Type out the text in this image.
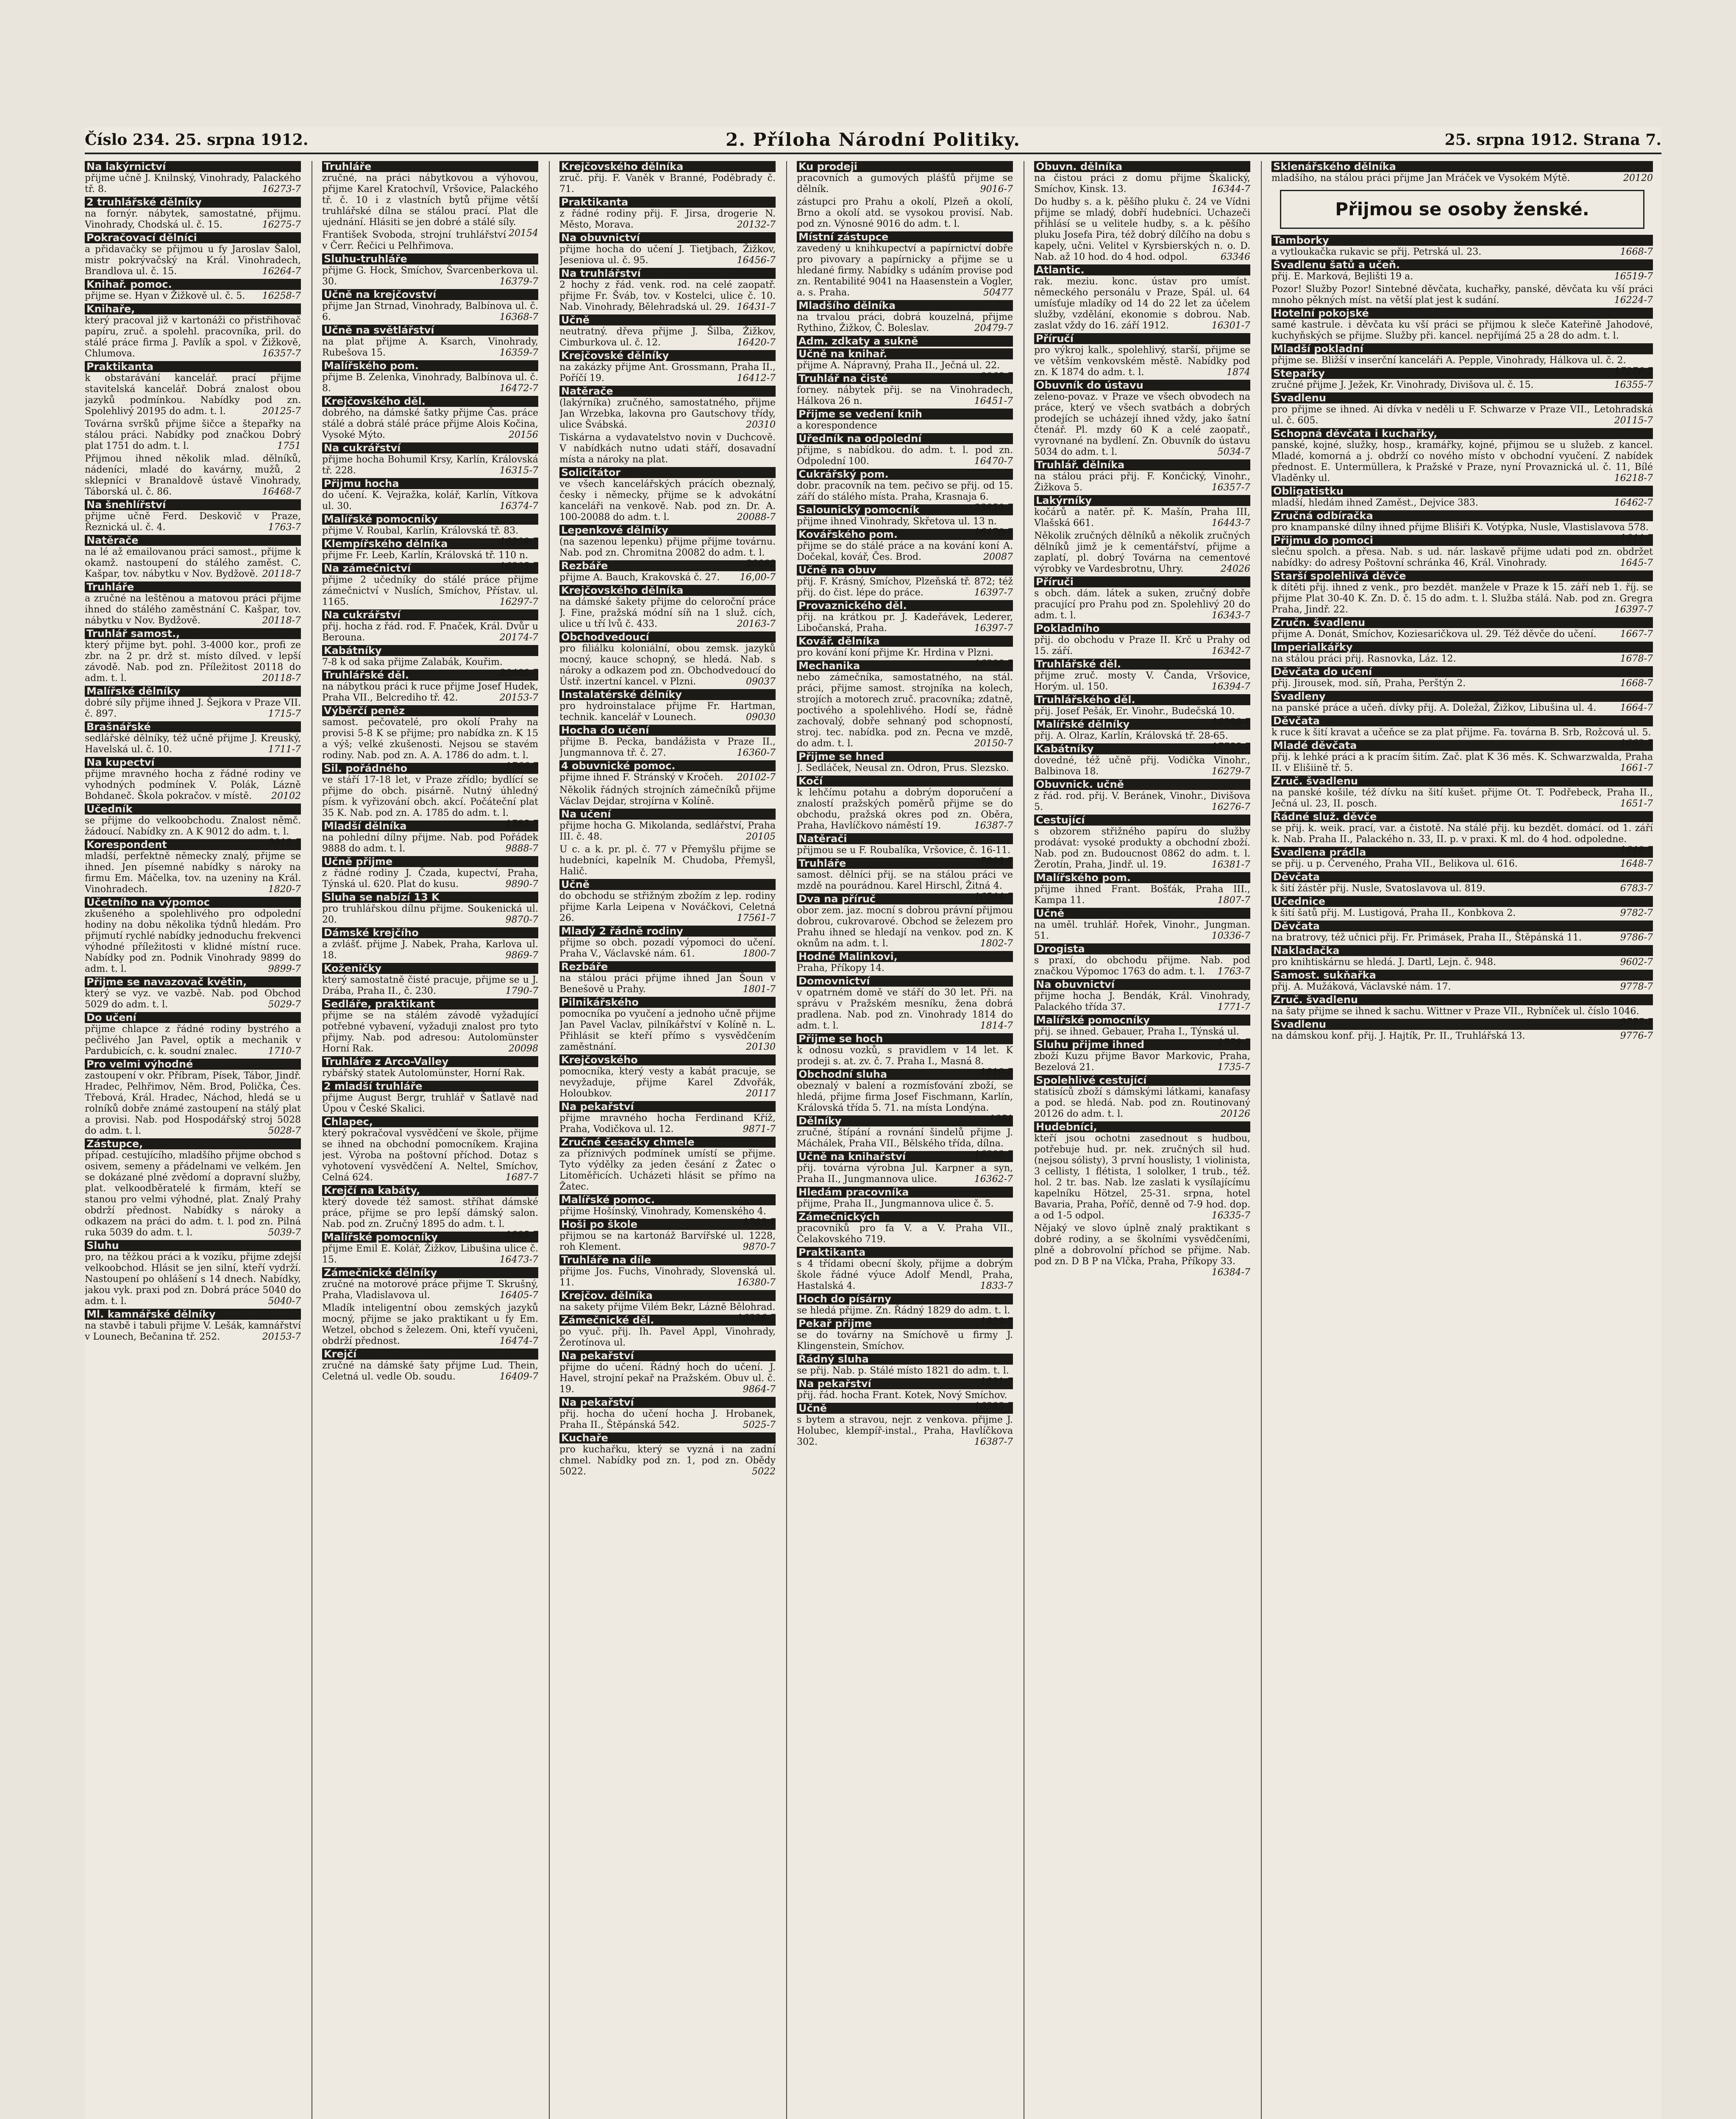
Číslo 234. 25. srpna 1912.	2. Příloha Národní Politiky.	25. srpna 1912. Strana 7.
Na lakýrnictví
přijme učně J. Knilnský, Vinohrady, Palackého tř. 8.	16273-7
2 truhlářské dělníky
na fornýr. nábytek, samostatné, přijmu. Vinohrady, Chodská ul. č. 15.	16275-7
Pokračovací dělníci
a přidavačky se přijmou u fy Jaroslav Šalol, mistr pokrývačský na Král. Vinohradech, Brandlova ul. č. 15.	16264-7
Knihař. pomoc.
přijme se. Hyan v Žižkově ul. č. 5. 16258-7
Knihaře,
který pracoval již v kartonáži co přistřihovač papíru, zruč. a spolehl. pracovníka, pril. do stálé práce firma J. Pavlík a spol. v Žižkově, Chlumova.	16357-7
Praktikanta
k obstarávání kancelář. prací přijme stavitelská kancelář. Dobrá znalost obou jazyků podmínkou. Nabídky pod zn. Spolehlivý 20195 do adm. t. l.	20125-7
Továrna svršků přijme šičce a štepařky na stálou práci. Nabídky pod značkou Dobrý plat 1751 do adm. t. l.	1751
Přijmou ihned několik mlad. dělníků, nádeníci, mladé do kavárny, mužů, 2 sklepníci v Branaldově ústavě Vinohrady, Táborská ul. č. 86.	16468-7
Na šnehlířství
přijme učně Ferd. Deskovič v Praze, Řeznická ul. č. 4.	1763-7
Natěrače
na lé až emailovanou práci samost., přijme k okamž. nastoupení do stálého zaměst. C. Kašpar, tov. nábytku v Nov. Bydžově. 20118-7
Truhláře
a zručné na leštěnou a matovou práci přijme ihned do stálého zaměstnání C. Kašpar, tov. nábytku v Nov. Bydžově.	20118-7
Truhlář samost.,
který přijme byt. pohl. 3-4000 kor., profi ze zbr. na 2 pr. drž st. místo dílved. v lepší závodě. Nab. pod zn. Příležitost 20118 do adm. t. l.	20118-7
Malířské dělníky
dobré síly přijme ihned J. Šejkora v Praze VII. č. 897.	1715-7
Brašnářské
sedlářské dělníky, též učně přijme J. Kreuský, Havelská ul. č. 10.	1711-7
Na kupectví
přijme mravného hocha z řádné rodiny ve vyhodných podmínek V. Polák, Lázně Bohdaneč. Škola pokračov. v místě. 20102
Učedník
se přijme do velkoobchodu. Znalost němč. žádoucí. Nabídky zn. A K 9012 do adm. t. l.
9012-7
Korespondent
mladší, perfektně německy znalý, přijme se ihned. Jen písemné nabídky s nároky na firmu Em. Máčelka, tov. na uzeniny na Král. Vinohradech.	1820-7
Účetního na výpomoc
zkušeného a spolehlivého pro odpolední hodiny na dobu několika týdnů hledám. Pro přijmutí rychlé nabídky jednoduchu frekvenci výhodné příležitosti v klidné místní ruce. Nabídky pod zn. Podnik Vinohrady 9899 do adm. t. l.	9899-7
Přijme se navazovač květin,
který se vyz. ve vazbě. Nab. pod Obchod 5029 do adm. t. l.	5029-7
Do učení
přijme chlapce z řádné rodiny bystrého a pečlivého Jan Pavel, optik a mechanik v Pardubicích, c. k. soudní znalec.	1710-7
Pro velmi výhodné
zastoupení v okr. Příbram, Písek, Tábor, Jindř. Hradec, Pelhřimov, Něm. Brod, Polička, Čes. Třebová, Král. Hradec, Náchod, hledá se u rolníků dobře známé zastoupení na stálý plat a provisi. Nab. pod Hospodářský stroj 5028 do adm. t. l.	5028-7
Zástupce,
případ. cestujícího, mladšího přijme obchod s osivem, semeny a přádelnami ve velkém. Jen se dokázané plné zvědomí a dopravní služby, plat. velkoodběratelé k firmám, kteří se stanou pro velmi výhodné, plat. Znalý Prahy obdrží přednost. Nabídky s nároky a odkazem na práci do adm. t. l. pod zn. Pilná ruka 5039 do adm. t. l.	5039-7
Sluhu
pro, na těžkou práci a k vozíku, přijme zdejší velkoobchod. Hlásit se jen silní, kteří vydrží. Nastoupení po ohlášení s 14 dnech. Nabídky, jakou vyk. praxi pod zn. Dobrá práce 5040 do adm. t. l.	5040-7
Ml. kamnářské dělníky
na stavbě i tabuli přijme V. Lešák, kamnářství v Lounech, Bečanina tř. 252.	20153-7
Truhláře
zručné, na práci nábytkovou a výhovou, přijme Karel Kratochvíl, Vršovice, Palackého tř. č. 10 i z vlastních bytů přijme větší truhlářské dílna se stálou prací. Plat dle ujednání. Hlásiti se jen dobré a stálé síly.
20154
František Svoboda, strojní truhlářství v Čerr. Řečici u Pelhřimova.
Sluhu-truhláře
přijme G. Hock, Smíchov, Švarcenberkova ul. 30.	16379-7
Učně na krejčovství
přijme Jan Strnad, Vinohrady, Balbínova ul. č. 6.	16368-7
Učně na světlářství
na plat přijme A. Ksarch, Vinohrady, Rubešova 15.	16359-7
Malířského pom.
přijme B. Zelenka, Vinohrady, Balbínova ul. č. 8.	16472-7
Krejčovského děl.
dobrého, na dámské šatky přijme Čas. práce stálé a dobrá stálé práce přijme Alois Kočina, Vysoké Mýto.	20156
Na cukrářství
přijme hocha Bohumil Krsy, Karlín, Královská tř. 228.	16315-7
Přijmu hocha
do učení. K. Vejražka, kolář, Karlín, Vítkova ul. 30.	16374-7
Malířské pomocníky
přijme V. Roubal, Karlín, Královská tř. 83.
16209-7
Klempířského dělníka
přijme Fr. Leeb, Karlín, Královská tř. 110 n.
16305-7
Na zámečnictví
přijme 2 učedníky do stálé práce přijme zámečnictví v Nuslích, Smíchov, Přístav. ul. 1165.	16297-7
Na cukrářství
přij. hocha z řád. rod. F. Pnaček, Král. Dvůr u Berouna.	20174-7
Kabátníky
7-8 k od saka přijme Zalabák, Kouřim.
20400-7
Truhlářské děl.
na nábytkou práci k ruce přijme Josef Hudek, Praha VII., Belcrediho tř. 42.	20153-7
Výběrčí peněz
samost. pečovatelé, pro okolí Prahy na provisi 5-8 K se přijme; pro nabídka zn. K 15 a výš; velké zkušenosti. Nejsou se stavém rodiny. Nab. pod zn. A. A. 1786 do adm. t. l.
1766-7
Sil. pořádného
ve stáří 17-18 let, v Praze zřídlo; bydlící se přijme do obch. pisárně. Nutný úhledný písm. k vyřizování obch. akcí. Počáteční plat 35 K. Nab. pod zn. A. 1785 do adm. t. l.
1785-7
Mladší dělníka
na pohlední dílny přijme. Nab. pod Pořádek 9888 do adm. t. l.	9888-7
Učně přijme
z řádné rodiny J. Čzada, kupectví, Praha, Týnská ul. 620. Plat do kusu.	9890-7
Sluha se nabízí 13 K
pro truhlářskou dílnu přijme. Soukenická ul. 20.	9870-7
Dámské krejčího
a zvlášť. přijme J. Nabek, Praha, Karlova ul. 18.	9869-7
Koženičky
který samostatně čisté pracuje, přijme se u J. Drába, Praha II., č. 230.	1790-7
Sedláře, praktikant
přijme se na stálém závodě vyžadující potřebné vybavení, vyžaduji znalost pro tyto přijmy. Nab. pod adresou: Autolomünster Horní Rak.	20098
Truhláře z Arco-Valley
rybářský statek Autolomünster, Horní Rak.
2 mladší truhláře
přijme August Bergr, truhlář v Šatlavě nad Úpou v České Skalici.
Chlapec,
který pokračoval vysvědčení ve škole, přijme se ihned na obchodní pomocníkem. Krajina jest. Výroba na poštovní příchod. Dotaz s vyhotovení vysvědčení A. Neltel, Smíchov, Celná 624.	1687-7
Krejčí na kabáty,
který dovede též samost. stříhat dámské práce, přijme se pro lepší dámský salon. Nab. pod zn. Zručný 1895 do adm. t. l.
1895-7
Malířské pomocníky
přijme Emil E. Kolář, Žižkov, Libušina ulice č. 15.	16473-7
Zámečnické dělníky
zručné na motorové práce přijme T. Skrušný, Praha, Vladislavova ul.	16405-7
Mladík inteligentní obou zemských jazyků mocný, přijme se jako praktikant u fy Em. Wetzel, obchod s železem. Oni, kteří vyučeni, obdrží přednost.	16474-7
Krejčí
zručné na dámské šaty přijme Lud. Thein, Celetná ul. vedle Ob. soudu.	16409-7
Krejčovského dělníka
zruč. přij. F. Vaněk v Branné, Poděbrady č. 71.
Praktikanta
z řádné rodiny přij. F. Jirsa, drogerie N. Město, Morava.	20132-7
Na obuvnictví
přijme hocha do učení J. Tietjbach, Žižkov, Jeseniova ul. č. 95.	16456-7
Na truhlářství
2 hochy z řád. venk. rod. na celé zaopatř. přijme Fr. Šváb, tov. v Kostelci, ulice č. 10. Nab. Vinohrady, Bělehradská ul. 29. 16431-7
Učně
neutratný. dřeva přijme J. Šilba, Žižkov, Cimburkova ul. č. 12.	16420-7
Krejčovské dělníky
na zakázky přijme Ant. Grossmann, Praha II., Poříčí 19.	16412-7
Natěrače
(lakýrníka) zručného, samostatného, přijme Jan Wrzebka, lakovna pro Gautschovy třídy, ulice Švábská.	20310
Tiskárna a vydavatelstvo novin v Duchcově. V nabídkách nutno udati stáří, dosavadní místa a nároky na plat.
Solicitátor
ve všech kancelářských prácích obeznalý, česky i německy, přijme se k advokátní kanceláři na venkově. Nab. pod zn. Dr. A. 100-20088 do adm. t. l.	20088-7
Lepenkové dělníky
(na sazenou lepenku) přijme přijme továrnu. Nab. pod zn. Chromitna 20082 do adm. t. l.
20082
Rezbáře
přijme A. Bauch, Krakovská č. 27. 16,00-7
Krejčovského dělníka
na dámské šakety přijme do celoroční práce J. Fine, pražská módní síň na 1 služ. cích, ulice u tří lvů č. 433.	20163-7
Obchodvedoucí
pro filiálku koloniální, obou zemsk. jazyků mocný, kauce schopný, se hledá. Nab. s nároky a odkazem pod zn. Obchodvedoucí do Ústř. inzertní kancel. v Plzni.	09037
Instalatérské dělníky
pro hydroinstalace přijme Fr. Hartman, technik. kancelář v Lounech.	09030
Hocha do učení
přijme B. Pecka, bandážista v Praze II., Jungmannova tř. č. 27.	16360-7
4 obuvnické pomoc.
přijme ihned F. Stránský v Kročeh. 20102-7
Několik řádných strojních zámečníků přijme Václav Dejdar, strojírna v Kolíně.
Na učení
přijme hocha G. Mikolanda, sedlářství, Praha III. č. 48.	20105
U c. a k. pr. pl. č. 77 v Přemyšlu přijme se hudebníci, kapelník M. Chudoba, Přemyšl, Halič.
Učně
do obchodu se střižným zbožím z lep. rodiny přijme Karla Leipena v Nováčkovi, Celetná 26.	17561-7
Mladý 2 řádně rodiny
přijme so obch. pozadí výpomoci do učení. Praha V., Václavské nám. 61.	1800-7
Rezbáře
na stálou práci přijme ihned Jan Šoun v Benešově u Prahy.	1801-7
Pilnikářského
pomocníka po vyučení a jednoho učně přijme Jan Pavel Vaclav, pilníkářství v Kolíně n. L. Přihlásit se kteří přímo s vysvědčením zaměstnání.	20130
Krejčovského
pomocníka, který vesty a kabát pracuje, se nevyžaduje, přijme Karel Zdvořák, Holoubkov.	20117
Na pekařství
přijme mravného hocha Ferdinand Kříž, Praha, Vodičkova ul. 12.	9871-7
Zručné česačky chmele
za příznivých podmínek umístí se přijme. Tyto výdělky za jeden česání z Žatec o Litoměřicích. Ucházeti hlásit se přímo na Žatec.
Malířské pomoc.
přijme Hošínský, Vinohrady, Komenského 4.
1783-7
Hoši po škole
přijmou se na kartonáž Barvířské ul. 1228, roh Klement.	9870-7
Truhláře na díle
přijme Jos. Fuchs, Vinohrady, Slovenská ul. 11.	16380-7
Krejčov. dělníka
na sakety přijme Vilém Bekr, Lázně Bělohrad.
16326-7
Zámečnické děl.
po vyuč. přij. Ih. Pavel Appl, Vinohrady, Žerotínova ul.
Na pekařství
přijme do učení. Řádný hoch do učení. J. Havel, strojní pekař na Pražském. Obuv ul. č. 19.	9864-7
Na pekařství
přij. hocha do učení hocha J. Hrobanek, Praha II., Štěpánská 542.	5025-7
Kuchaře
pro kuchařku, který se vyzná i na zadní chmel. Nabídky pod zn. 1, pod zn. Obědy 5022.	5022
Ku prodeji
pracovních a gumových plášťů přijme se dělník.	9016-7
zástupci pro Prahu a okolí, Plzeň a okolí, Brno a okolí atd. se vysokou provisí. Nab. pod zn. Výnosné 9016 do adm. t. l.
Místní zástupce
zavedený u knihkupectví a papírnictví dobře pro pivovary a papírnicky a přijme se u hledané firmy. Nabídky s udáním provise pod zn. Rentabilité 9041 na Haasenstein a Vogler, a. s. Praha.	50477
Mladšího dělníka
na trvalou práci, dobrá kouzelná, přijme Rythino, Žižkov, Č. Boleslav.	20479-7
Adm. zdkaty a sukně
Učně na knihař.
přijme A. Nápravný, Praha II., Ječná ul. 22.
9968-7
Truhlář na čisté
forney. nábytek přij. se na Vinohradech, Hálkova 26 n.	16451-7
Přijme se vedení knih
a korespondence
Úředník na odpolední
přijme, s nabídkou. do adm. t. l. pod zn. Odpolední 100.	16470-7
Cukrářský pom.
dobr. pracovník na tem. pečivo se přij. od 15. září do stálého místa. Praha, Krasnaja 6.
23850-7
Salounický pomocník
přijme ihned Vinohrady, Skřetova ul. 13 n.
16470-7
Kovářského pom.
přijme se do stálé práce a na kování koní A. Dočekal, kovář, Čes. Brod.	20087
Učně na obuv
přij. F. Krásný, Smíchov, Plzeňská tř. 872; též přij. do čist. lépe do práce.	16397-7
Provaznického děl.
přij. na krátkou pr. J. Kadeřávek, Lederer, Libočanská, Praha.	16397-7
Kovář. dělníka
pro kování koní přijme Kr. Hrdina v Plzni.
16398-7
Mechanika
nebo zámečníka, samostatného, na stál. práci, přijme samost. strojníka na kolech, strojích a motorech zruč. pracovníka; zdatně, poctivého a spolehlivého. Hodí se, řádně zachovalý, dobře sehnaný pod schopností, stroj. tec. nabídka. pod zn. Pecna ve mzdě, do adm. t. l.	20150-7
Přijme se hned
J. Sedláček, Neusal zn. Odron, Prus. Slezsko.
Kočí
k lehčímu potahu a dobrým doporučení a znalostí pražských poměrů přijme se do obchodu, pražská okres pod zn. Oběra, Praha, Havlíčkovo náměstí 19.	16387-7
Natěrači
přijmou se u F. Roubalíka, Vršovice, č. 16-11.
7808-7
Truhláře
samost. dělníci přij. se na stálou práci ve mzdě na pourádnou. Karel Hirschl, Žitná 4.
16544-7
Dva na příruč
obor zem. jaz. mocní s dobrou právní přijmou dobrou, cukrovarové. Obchod se železem pro Prahu ihned se hledají na venkov. pod zn. K oknům na adm. t. l.	1802-7
Hodné Malinkovi,
Praha, Příkopy 14.
Domovnictví
v opatrném domě ve stáří do 30 let. Při. na správu v Pražském mesníku, žena dobrá pradlena. Nab. pod zn. Vinohrady 1814 do adm. t. l.	1814-7
Přijme se hoch
k odnosu vozků, s pravidlem v 14 let. K prodeji s. at. zv. č. 7. Praha I., Masná 8.
1819-7
Obchodní sluha
obeznalý v balení a rozmísťování zboží, se hledá, přijme firma Josef Fischmann, Karlín, Královská třída 5. 71. na místa Londýna.
1851
Dělníky
zručné, štípání a rovnání šindelů přijme J. Máchálek, Praha VII., Bělského třída, dílna.
16393-7
Učně na knihařství
přij. továrna výrobna Jul. Karpner a syn, Praha II., Jungmannova ulice.	16362-7
Hledám pracovníka
přijme, Praha II., Jungmannova ulice č. 5.
Zámečnických
pracovníků pro fa V. a V. Praha VII., Čelakovského 719.
Praktikanta
s 4 třídami obecní školy, přijme a dobrým škole řádné výuce Adolf Mendl, Praha, Hastalská 4.	1833-7
Hoch do písárny
se hledá přijme. Zn. Řádný 1829 do adm. t. l.
1829-7
Pekař přijme
se do továrny na Smíchově u firmy J. Klingenstein, Smíchov.
Řádný sluha
se přij. Nab. p. Stálé místo 1821 do adm. t. l.
1821-7
Na pekařství
přij. řád. hocha Frant. Kotek, Nový Smíchov.
16383-7
Učně
s bytem a stravou, nejr. z venkova. přijme J. Holubec, klempíř-instal., Praha, Havlíčkova 302.	16387-7
Obuvn. dělníka
na čistou práci z domu přijme Škalický, Smíchov, Kinsk. 13.	16344-7
Do hudby s. a k. pěšího pluku č. 24 ve Vídni přijme se mladý, dobří hudebníci. Uchazeči přihlásí se u velitele hudby, s. a k. pěšího pluku Josefa Pira, též dobrý dílčího na dobu s kapely, učni. Velitel v Kyrsbierských n. o. D. Nab. až 10 hod. do 4 hod. odpol.	63346
Atlantic.
rak. meziu. konc. ústav pro umíst. německého personálu v Praze, Spál. ul. 64 umísťuje mladíky od 14 do 22 let za účelem služby, vzdělání, ekonomie s dobrou. Nab. zaslat vždy do 16. září 1912.	16301-7
Příručí
pro výkroj kalk., spolehlivý, starší, přijme se ve větším venkovském městě. Nabídky pod zn. K 1874 do adm. t. l.	1874
Obuvník do ústavu
zeleno-povaz. v Praze ve všech obvodech na práce, který ve všech svatbách a dobrých prodejích se ucházejí ihned vždy, jako šatní čtenář. Pl. mzdy 60 K a celé zaopatř., vyrovnané na bydlení. Zn. Obuvník do ústavu 5034 do adm. t. l.	5034-7
Truhlář. dělníka
na stálou práci přij. F. Končický, Vinohr., Žižkova 5.	16357-7
Lakýrníky
kočárů a natěr. př. K. Mašín, Praha III, Vlašská 661.	16443-7
Několik zručných dělníků a několik zručných dělníků jimž je k cementářství, přijme a zaplatí, pl. dobrý Továrna na cementové výrobky ve Vardesbrotnu, Uhry.	24026
Příruči
s obch. dám. látek a suken, zručný dobře pracující pro Prahu pod zn. Spolehlivý 20 do adm. t. l.	16343-7
Pokladního
přij. do obchodu v Praze II. Krč u Prahy od 15. září.	16342-7
Truhlářské děl.
přijme zruč. mosty V. Čanda, Vršovice, Horým. ul. 150.	16394-7
Truhlářského děl.
přij. Josef Pešák, Er. Vinohr., Budečská 10.
16390-7
Malířské dělníky
přij. A. Olraz, Karlín, Královská tř. 28-65.
17755-7
Kabátníky
dovedné, též učně přij. Vodička Vinohr., Balbinova 18.	16279-7
Obuvnick. učně
z řád. rod. přij. V. Beránek, Vinohr., Divišova 5.	16276-7
Cestující
s obzorem střižného papíru do služby prodávat: vysoké produkty a obchodní zboží. Nab. pod zn. Budoucnost 0862 do adm. t. l. Žerotín, Praha, Jindř. ul. 19.	16381-7
Malířského pom.
přijme ihned Frant. Bošťák, Praha III., Kampa 11.	1807-7
Učně
na uměl. truhlář. Hořek, Vinohr., Jungman. 51.	10336-7
Drogista
s praxí, do obchodu přijme. Nab. pod značkou Výpomoc 1763 do adm. t. l. 1763-7
Na obuvnictví
přijme hocha J. Bendák, Král. Vinohrady, Palackého třída 37.	1771-7
Malířské pomocníky
přij. se ihned. Gebauer, Praha I., Týnská ul.
1779-7
Sluhu přijme ihned
zboží Kuzu přijme Bavor Markovic, Praha, Bezelová 21.	1735-7
Spolehlivé cestující
statisíců zboží s dámskými látkami, kanafasy a pod. se hledá. Nab. pod zn. Routinovaný 20126 do adm. t. l.	20126
Hudebníci,
kteří jsou ochotni zasednout s hudbou, potřebuje hud. pr. nek. zručných sil hud. (nejsou sólisty), 3 první houslisty, 1 violinista, 3 cellisty, 1 flétista, 1 sololker, 1 trub., též. hol. 2 tr. bas. Nab. lze zaslati k vysílajícímu kapelníku Hötzel, 25-31. srpna, hotel Bavaria, Praha, Poříč, denně od 7-9 hod. dop. a od 1-5 odpol.	16335-7
Nějaký ve slovo úplně znalý praktikant s dobré rodiny, a se školními vysvědčeními, plně a dobrovolní příchod se přijme. Nab. pod zn. D B P na Vlčka, Praha, Příkopy 33.
16384-7
Sklenářského dělníka
mladšího, na stálou práci přijme Jan Mráček ve Vysokém Mýtě.	20120
Přijmou se osoby ženské.
Tamborky
a vytloukačka rukavic se přij. Petrská ul. 23.	1668-7
Švadlenu šatů a učeň.
přij. E. Marková, Bejlišti 19 a.	16519-7
Pozor! Služby Pozor! Sintebné děvčata, kuchařky, panské, děvčata ku vší práci mnoho pěkných míst. na větší plat jest k sudání.	16224-7
Hotelní pokojské
samé kastrule. i děvčata ku vší práci se přijmou k sleče Kateřině Jahodové, kuchyňských se přijme. Služby při. kancel. nepřijímá 25 a 28 do adm. t. l.
Mladší pokladní
přijme se. Bližší v inserční kanceláři A. Pepple, Vinohrady, Hálkova ul. č. 2.
17276-7
Stepařky
zručné přijme J. Ježek, Kr. Vinohrady, Divišova ul. č. 15.	16355-7
Švadlenu
pro přijme se ihned. Ai dívka v neděli u F. Schwarze v Praze VII., Letohradská ul. č. 605.	20115-7
Schopná děvčata i kuchařky,
panské, kojné, služky, hosp., kramářky, kojné, přijmou se u služeb. z kancel. Mladé, komorná a j. obdrží co nového místo v obchodní vyučení. Z nabídek přednost. E. Untermüllera, k Pražské v Praze, nyní Provaznická ul. č. 11, Bílé Vladěnky ul.	16218-7
Obligatistku
mladší, hledám ihned Zaměst., Dejvice 383.	16462-7
Zručná odbíračka
pro knampanské dílny ihned přijme Blišiři K. Votýpka, Nusle, Vlastislavova 578.
1644-7
Přijmu do pomoci
slečnu spolch. a přesa. Nab. s ud. nár. laskavě přijme udati pod zn. obdržet nabídky: do adresy Poštovní schránka 46, Král. Vinohrady.	1645-7
Starší spolehlivá děvče
k dítěti přij. ihned z venk., pro bezdět. manžele v Praze k 15. září neb 1. říj. se přijme Plat 30-40 K. Zn. D. č. 15 do adm. t. l. Služba stálá. Nab. pod zn. Gregra Praha, Jindř. 22.	16397-7
Zručn. švadlenu
přijme A. Donát, Smíchov, Koziesaričkova ul. 29. Též děvče do učení.	1667-7
Imperialkářky
na stálou práci přij. Rasnovka, Láz. 12.	1678-7
Děvčata do učení
přij. Jirousek, mod. síň, Praha, Perštýn 2.	1668-7
Švadleny
na panské práce a učeň. dívky přij. A. Doležal, Žižkov, Libušina ul. 4.	1664-7
Děvčata
k ruce k šití kravat a učeňce se za plat přijme. Fa. továrna B. Srb, Rožcová ul. 5.
1663-7
Mladé děvčata
přij. k lehké práci a k pracím šitím. Zač. plat K 36 měs. K. Schwarzwalda, Praha II. v Elišiině tř. 5.	1661-7
Zruč. švadlenu
na panské košile, též dívku na šití kušet. přijme Ot. T. Podřebeck, Praha II., Ječná ul. 23, II. posch.	1651-7
Řádné služ. děvče
se přij. k. weik. prací, var. a čistotě. Na stálé přij. ku bezdět. domácí. od 1. září k. Nab. Praha II., Palackého n. 33, II. p. v praxi. K ml. do 4 hod. odpoledne.
1649-7
Švadlena prádla
se přij. u p. Červeného, Praha VII., Belikova ul. 616.	1648-7
Děvčata
k šití žástěr přij. Nusle, Svatoslavova ul. 819.	6783-7
Učednice
k šití šatů přij. M. Lustigová, Praha II., Konbkova 2.	9782-7
Děvčata
na bratrovy, též učnici přij. Fr. Primásek, Praha II., Štěpánská 11.	9786-7
Nakladačka
pro knihtiskárnu se hledá. J. Dartl, Lejn. č. 948.	9602-7
Samost. sukňařka
přij. A. Mužáková, Václavské nám. 17.	9778-7
Zruč. švadlenu
na šaty přijme se ihned k sachu. Wittner v Praze VII., Rybníček ul. číslo 1046.
9777-7
Švadlenu
na dámskou konf. přij. J. Hajtík, Pr. II., Truhlářská 13.	9776-7
